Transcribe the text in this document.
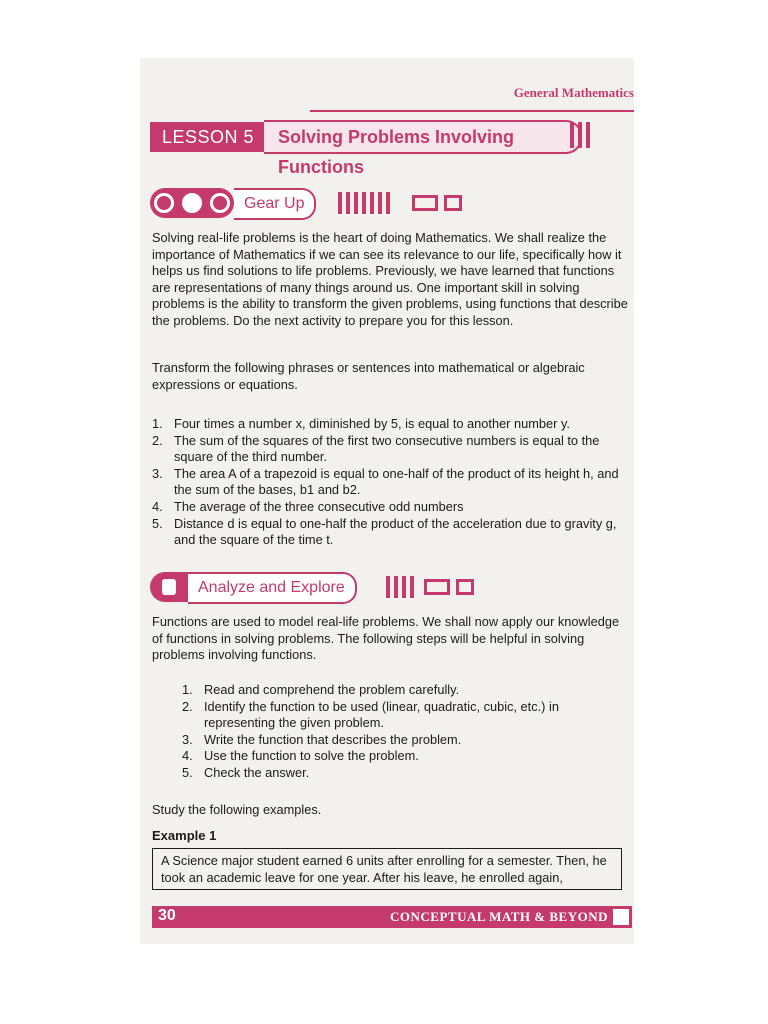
General Mathematics
LESSON 5	Solving Problems Involving Functions
Gear Up
Solving real-life problems is the heart of doing Mathematics. We shall realize the importance of Mathematics if we can see its relevance to our life, specifically how it helps us find solutions to life problems. Previously, we have learned that functions are representations of many things around us. One important skill in solving problems is the ability to transform the given problems, using functions that describe the problems. Do the next activity to prepare you for this lesson.
Transform the following phrases or sentences into mathematical or algebraic expressions or equations.
1. Four times a number x, diminished by 5, is equal to another number y.
2. The sum of the squares of the first two consecutive numbers is equal to the square of the third number.
3. The area A of a trapezoid is equal to one-half of the product of its height h, and the sum of the bases, b1 and b2.
4. The average of the three consecutive odd numbers
5. Distance d is equal to one-half the product of the acceleration due to gravity g, and the square of the time t.
Analyze and Explore
Functions are used to model real-life problems. We shall now apply our knowledge of functions in solving problems. The following steps will be helpful in solving problems involving functions.
1. Read and comprehend the problem carefully.
2. Identify the function to be used (linear, quadratic, cubic, etc.) in representing the given problem.
3. Write the function that describes the problem.
4. Use the function to solve the problem.
5. Check the answer.
Study the following examples.
Example 1
A Science major student earned 6 units after enrolling for a semester. Then, he took an academic leave for one year. After his leave, he enrolled again,
30	CONCEPTUAL MATH & BEYOND
